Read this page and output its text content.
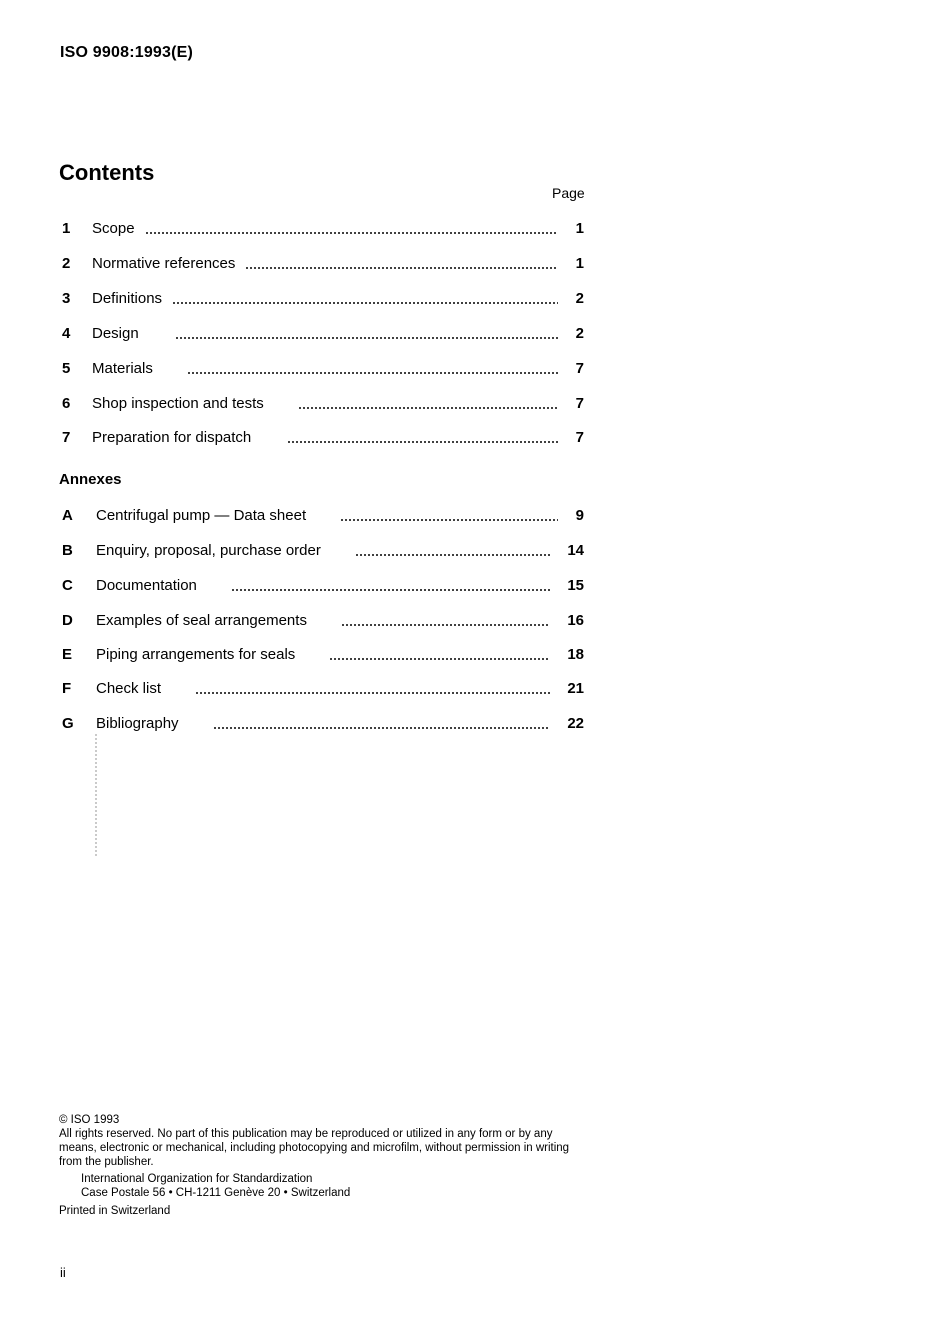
ISO 9908:1993(E)
Contents
Page
1	Scope	1
2	Normative references	1
3	Definitions	2
4	Design	2
5	Materials	7
6	Shop inspection and tests	7
7	Preparation for dispatch	7
Annexes
A	Centrifugal pump — Data sheet	9
B	Enquiry, proposal, purchase order	14
C	Documentation	15
D	Examples of seal arrangements	16
E	Piping arrangements for seals	18
F	Check list	21
G	Bibliography	22

© ISO 1993

All rights reserved. No part of this publication may be reproduced or utilized in any form or by any means, electronic or mechanical, including photocopying and microfilm, without permission in writing from the publisher.

International Organization for Standardization

Case Postale 56 • CH-1211 Genève 20 • Switzerland

Printed in Switzerland

ii
